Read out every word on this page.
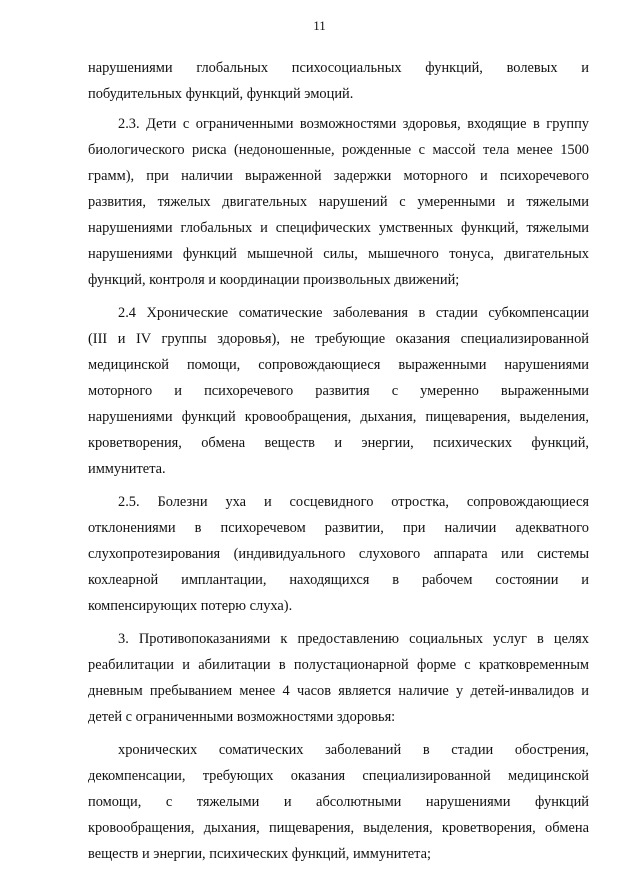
11

нарушениями глобальных психосоциальных функций, волевых и

побудительных функций, функций эмоций.

2.3. Дети с ограниченными возможностями здоровья, входящие в группу

биологического риска (недоношенные, рожденные с массой тела менее 1500

грамм), при наличии выраженной задержки моторного и психоречевого

развития, тяжелых двигательных нарушений с умеренными и тяжелыми

нарушениями глобальных и специфических умственных функций, тяжелыми

нарушениями функций мышечной силы, мышечного тонуса, двигательных

функций, контроля и координации произвольных движений;

2.4 Хронические соматические заболевания в стадии субкомпенсации

(III и IV группы здоровья), не требующие оказания специализированной

медицинской помощи, сопровождающиеся выраженными нарушениями

моторного и психоречевого развития с умеренно выраженными

нарушениями функций кровообращения, дыхания, пищеварения, выделения,

кроветворения, обмена веществ и энергии, психических функций,

иммунитета.

2.5. Болезни уха и сосцевидного отростка, сопровождающиеся

отклонениями в психоречевом развитии, при наличии адекватного

слухопротезирования (индивидуального слухового аппарата или системы

кохлеарной имплантации, находящихся в рабочем состоянии и

компенсирующих потерю слуха).

3. Противопоказаниями к предоставлению социальных услуг в целях

реабилитации и абилитации в полустационарной форме с кратковременным

дневным пребыванием менее 4 часов является наличие у детей-инвалидов и

детей с ограниченными возможностями здоровья:

хронических соматических заболеваний в стадии обострения,

декомпенсации, требующих оказания специализированной медицинской

помощи, с тяжелыми и абсолютными нарушениями функций

кровообращения, дыхания, пищеварения, выделения, кроветворения, обмена

веществ и энергии, психических функций, иммунитета;
